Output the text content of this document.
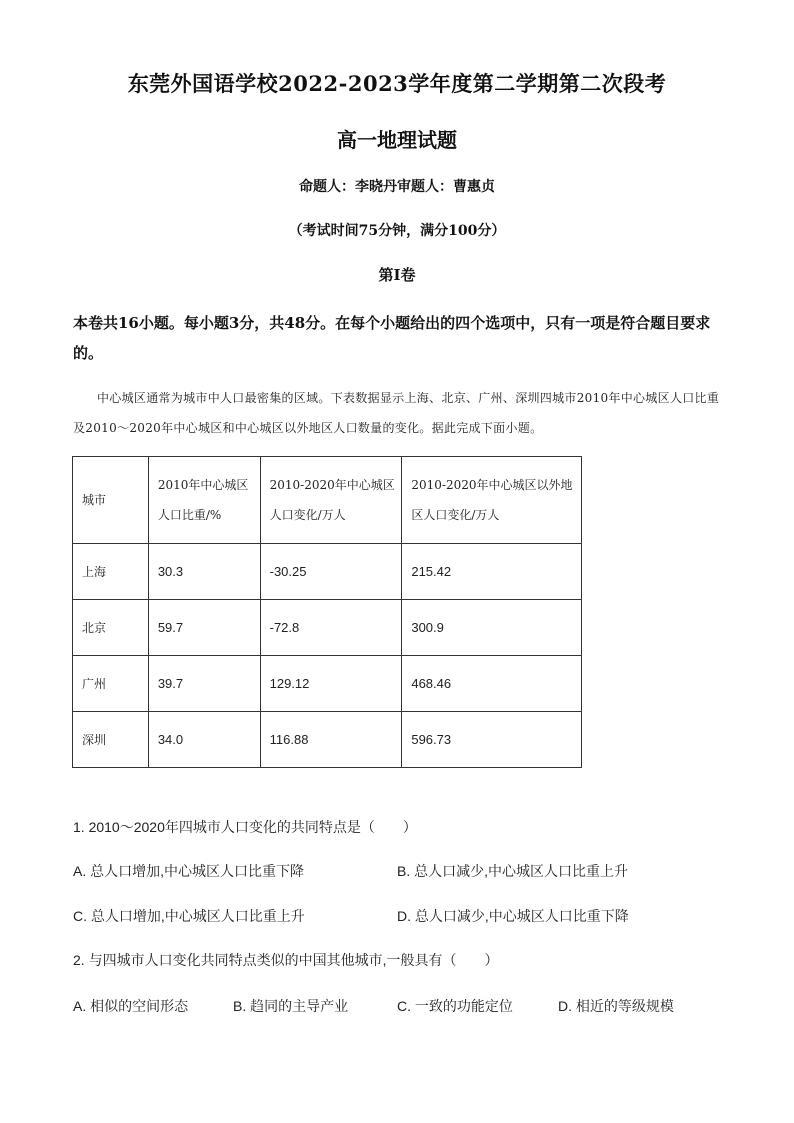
东莞外国语学校2022-2023学年度第二学期第二次段考
高一地理试题
命题人：李晓丹审题人：曹惠贞
（考试时间75分钟，满分100分）
第I卷
本卷共16小题。每小题3分，共48分。在每个小题给出的四个选项中，只有一项是符合题目要求的。
中心城区通常为城市中人口最密集的区域。下表数据显示上海、北京、广州、深圳四城市2010年中心城区人口比重及2010～2020年中心城区和中心城区以外地区人口数量的变化。据此完成下面小题。
城市	2010年中心城区人口比重/%	2010-2020年中心城区人口变化/万人	2010-2020年中心城区以外地区人口变化/万人
上海	30.3	-30.25	215.42
北京	59.7	-72.8	300.9
广州	39.7	129.12	468.46
深圳	34.0	116.88	596.73
1. 2010～2020年四城市人口变化的共同特点是（　　）
A. 总人口增加,中心城区人口比重下降	B. 总人口减少,中心城区人口比重上升
C. 总人口增加,中心城区人口比重上升	D. 总人口减少,中心城区人口比重下降
2. 与四城市人口变化共同特点类似的中国其他城市,一般具有（　　）
A. 相似的空间形态	B. 趋同的主导产业	C. 一致的功能定位	D. 相近的等级规模
